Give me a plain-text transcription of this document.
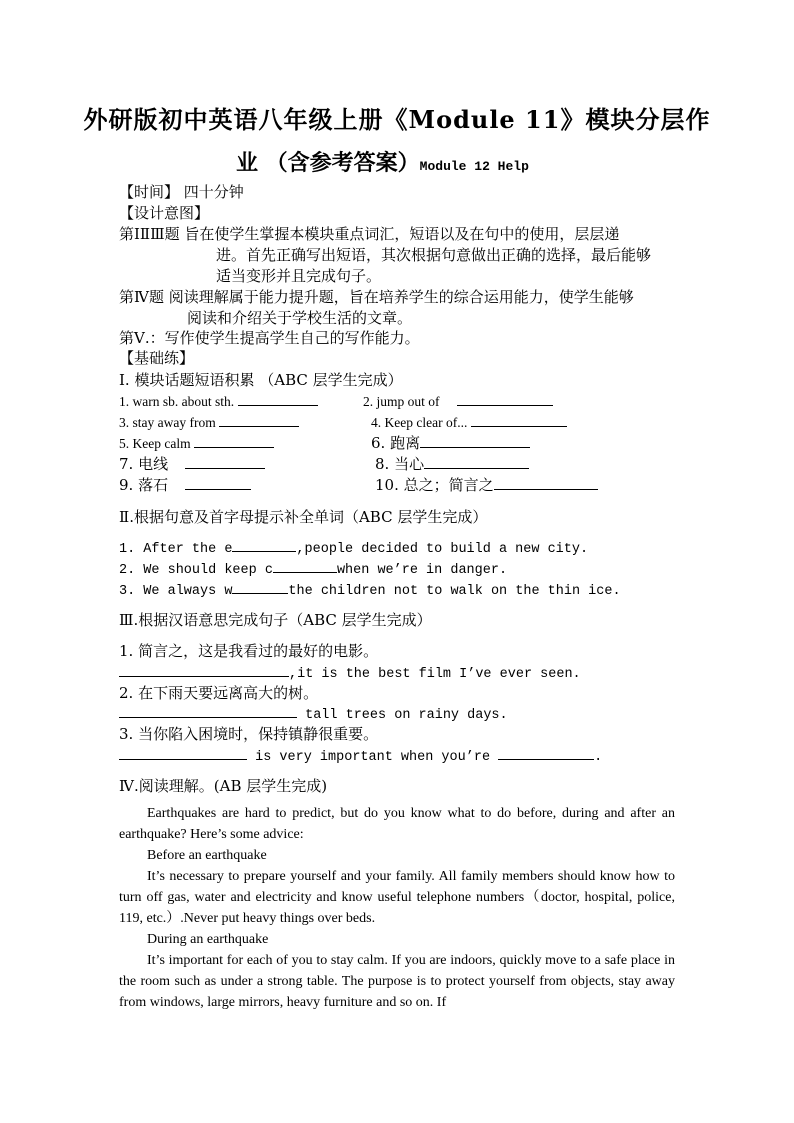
外研版初中英语八年级上册《Module 11》模块分层作
业 （含参考答案）Module 12 Help
【时间】 四十分钟
【设计意图】
第ⅠⅡⅢ题 旨在使学生掌握本模块重点词汇，短语以及在句中的使用，层层递
进。首先正确写出短语，其次根据句意做出正确的选择，最后能够
适当变形并且完成句子。
第Ⅳ题 阅读理解属于能力提升题，旨在培养学生的综合运用能力，使学生能够
阅读和介绍关于学校生活的文章。
第Ⅴ.：写作使学生提高学生自己的写作能力。
【基础练】
Ⅰ. 模块话题短语积累 （ABC 层学生完成）
1. warn sb. about sth.	2. jump out of
3. stay away from	4. Keep clear of...
5. Keep calm	6. 跑离
7. 电线	8. 当心
9. 落石	10. 总之；简言之
Ⅱ.根据句意及首字母提示补全单词（ABC 层学生完成）
1. After the e	,people decided to build a new city.
2. We should keep c	when we’re in danger.
3. We always w	the children not to walk on the thin ice.
Ⅲ.根据汉语意思完成句子（ABC 层学生完成）
1. 简言之，这是我看过的最好的电影。
,it is the best film I’ve ever seen.
2. 在下雨天要远离高大的树。
tall trees on rainy days.
3. 当你陷入困境时，保持镇静很重要。
is very important when you’re	.
Ⅳ.阅读理解。(AB 层学生完成)

Earthquakes are hard to predict, but do you know what to do before, during and after an earthquake? Here’s some advice:

Before an earthquake

It’s necessary to prepare yourself and your family. All family members should know how to turn off gas, water and electricity and know useful telephone numbers（doctor, hospital, police, 119, etc.）.Never put heavy things over beds.

During an earthquake

It’s important for each of you to stay calm. If you are indoors, quickly move to a safe place in the room such as under a strong table. The purpose is to protect yourself from objects, stay away from windows, large mirrors, heavy furniture and so on. If
